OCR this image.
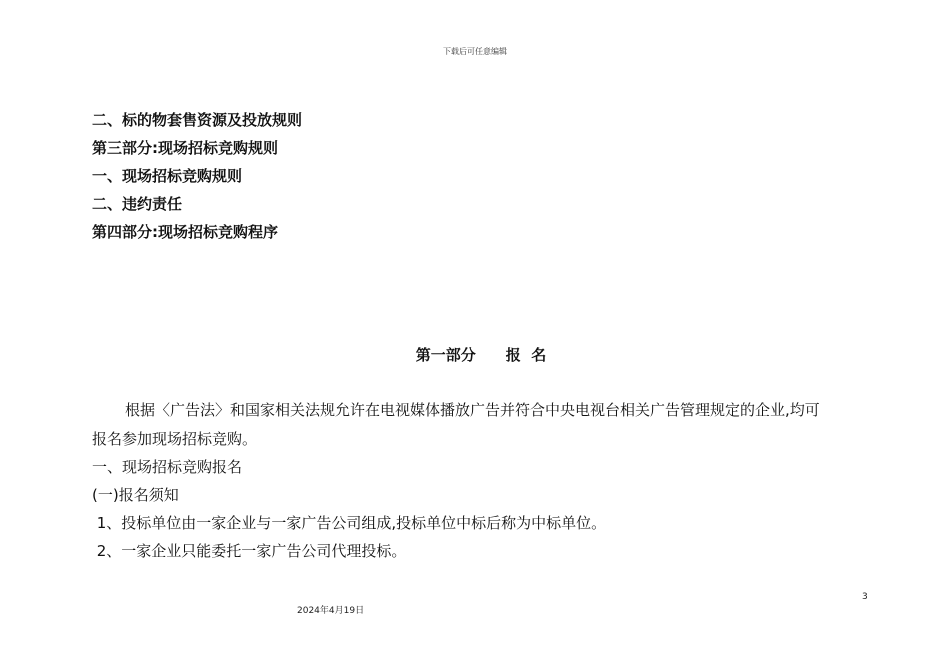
下载后可任意编辑
二、标的物套售资源及投放规则
第三部分:现场招标竞购规则
一、现场招标竞购规则
二、违约责任
第四部分:现场招标竞购程序
第一部分　　报  名
根据〈广告法〉和国家相关法规允许在电视媒体播放广告并符合中央电视台相关广告管理规定的企业,均可
报名参加现场招标竞购。
一、现场招标竞购报名
(一)报名须知
1、投标单位由一家企业与一家广告公司组成,投标单位中标后称为中标单位。
2、一家企业只能委托一家广告公司代理投标。
3
2024年4月19日
